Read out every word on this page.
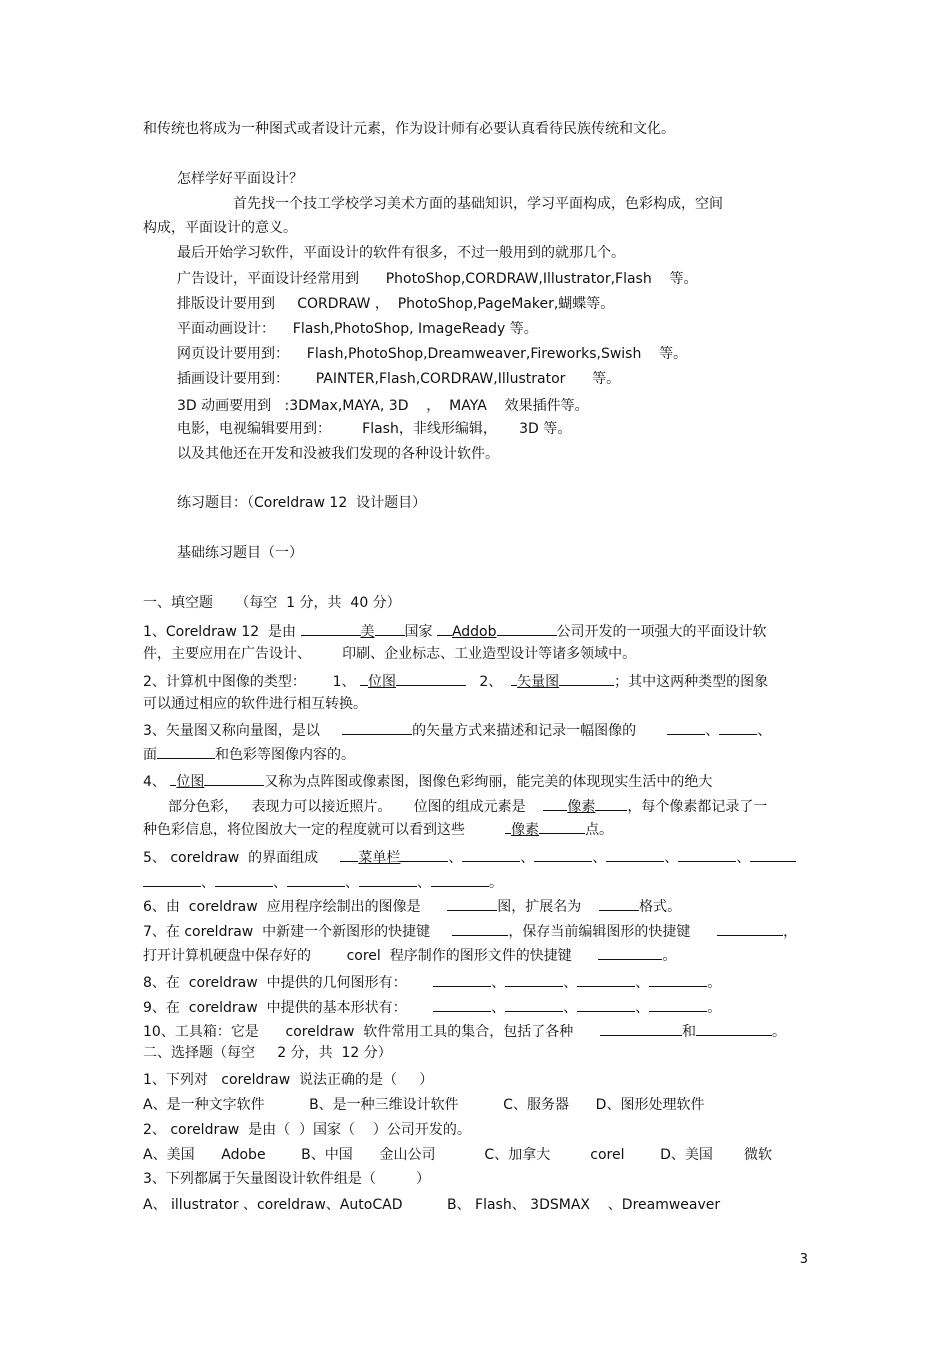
和传统也将成为一种图式或者设计元素，作为设计师有必要认真看待民族传统和文化。
怎样学好平面设计？
首先找一个技工学校学习美术方面的基础知识，学习平面构成，色彩构成，空间
构成，平面设计的意义。
最后开始学习软件，平面设计的软件有很多，不过一般用到的就那几个。
广告设计，平面设计经常用到      PhotoShop,CORDRAW,Illustrator,Flash    等。
排版设计要用到     CORDRAW ，  PhotoShop,PageMaker,蝴蝶等。
平面动画设计：    Flash,PhotoShop, ImageReady 等。
网页设计要用到：    Flash,PhotoShop,Dreamweaver,Fireworks,Swish    等。
插画设计要用到：      PAINTER,Flash,CORDRAW,Illustrator      等。
3D 动画要用到   :3DMax,MAYA, 3D    ，  MAYA    效果插件等。
电影，电视编辑要用到：       Flash，非线形编辑，     3D 等。
以及其他还在开发和没被我们发现的各种设计软件。
练习题目：（Coreldraw 12  设计题目）
基础练习题目（一）
一、填空题     （每空  1 分，共  40 分）
1、Coreldraw 12  是由	美 国家 Addob	公司开发的一项强大的平面设计软
件，主要应用在广告设计、       印刷、企业标志、工业造型设计等诸多领域中。
2、计算机中图像的类型：      1、 位图	2、  矢量图	；其中这两种类型的图象
可以通过相应的软件进行相互转换。
3、矢量图又称向量图，是以	的矢量方式来描述和记录一幅图像的	、	、
面	和色彩等图像内容的。
4、 位图	又称为点阵图或像素图，图像色彩绚丽，能完美的体现现实生活中的绝大
部分色彩，   表现力可以接近照片。     位图的组成元素是    像素 ，每个像素都记录了一
种色彩信息，将位图放大一定的程度就可以看到这些         像素	点。
5、 coreldraw  的界面组成     菜单栏	、	、	、	、	、
、	、	、	、	。
6、由  coreldraw  应用程序绘制出的图像是	图，扩展名为	格式。
7、在 coreldraw  中新建一个新图形的快捷键	，保存当前编辑图形的快捷键	，
打开计算机硬盘中保存好的        corel  程序制作的图形文件的快捷键	。
8、在  coreldraw  中提供的几何图形有：	、	、	、	。
9、在  coreldraw  中提供的基本形状有：	、	、	、	。
10、工具箱：它是      coreldraw  软件常用工具的集合，包括了各种	和	。
二、选择题（每空     2 分，共  12 分）
1、下列对   coreldraw  说法正确的是（     ）
A、是一种文字软件          B、是一种三维设计软件          C、服务器      D、图形处理软件
2、 coreldraw  是由（  ）国家（    ）公司开发的。
A、美国      Adobe        B、中国      金山公司           C、加拿大         corel        D、美国       微软
3、下列都属于矢量图设计软件组是（         ）
A、 illustrator 、coreldraw、AutoCAD          B、 Flash、 3DSMAX    、Dreamweaver
3
